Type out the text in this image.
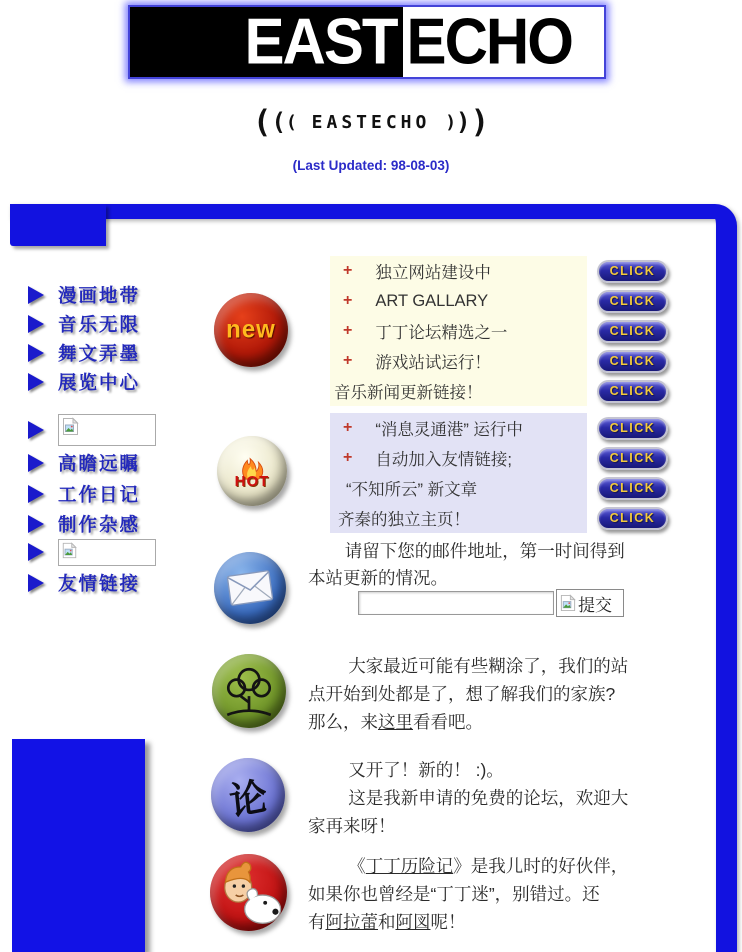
EAST ECHO
((( EASTECHO )))
(Last Updated: 98-08-03)
漫画地带
音乐无限
舞文弄墨
展览中心
高瞻远瞩
工作日记
制作杂感
友情链接
new
+ 独立网站建设中	CLICK
+ ART GALLARY	CLICK
+ 丁丁论坛精选之一	CLICK
+ 游戏站试运行！	CLICK
音乐新闻更新链接！	CLICK
HOT
+ “消息灵通港” 运行中	CLICK
+ 自动加入友情链接;	CLICK
“不知所云” 新文章	CLICK
齐秦的独立主页！	CLICK
请留下您的邮件地址，第一时间得到
本站更新的情况。
提交
大家最近可能有些糊涂了，我们的站
点开始到处都是了，想了解我们的家族?
那么，来这里看看吧。
论
又开了！新的！ :)。
这是我新申请的免费的论坛，欢迎大
家再来呀！
《丁丁历险记》是我儿时的好伙伴，
如果你也曾经是“丁丁迷”，别错过。还
有阿拉蕾和阿図呢！
